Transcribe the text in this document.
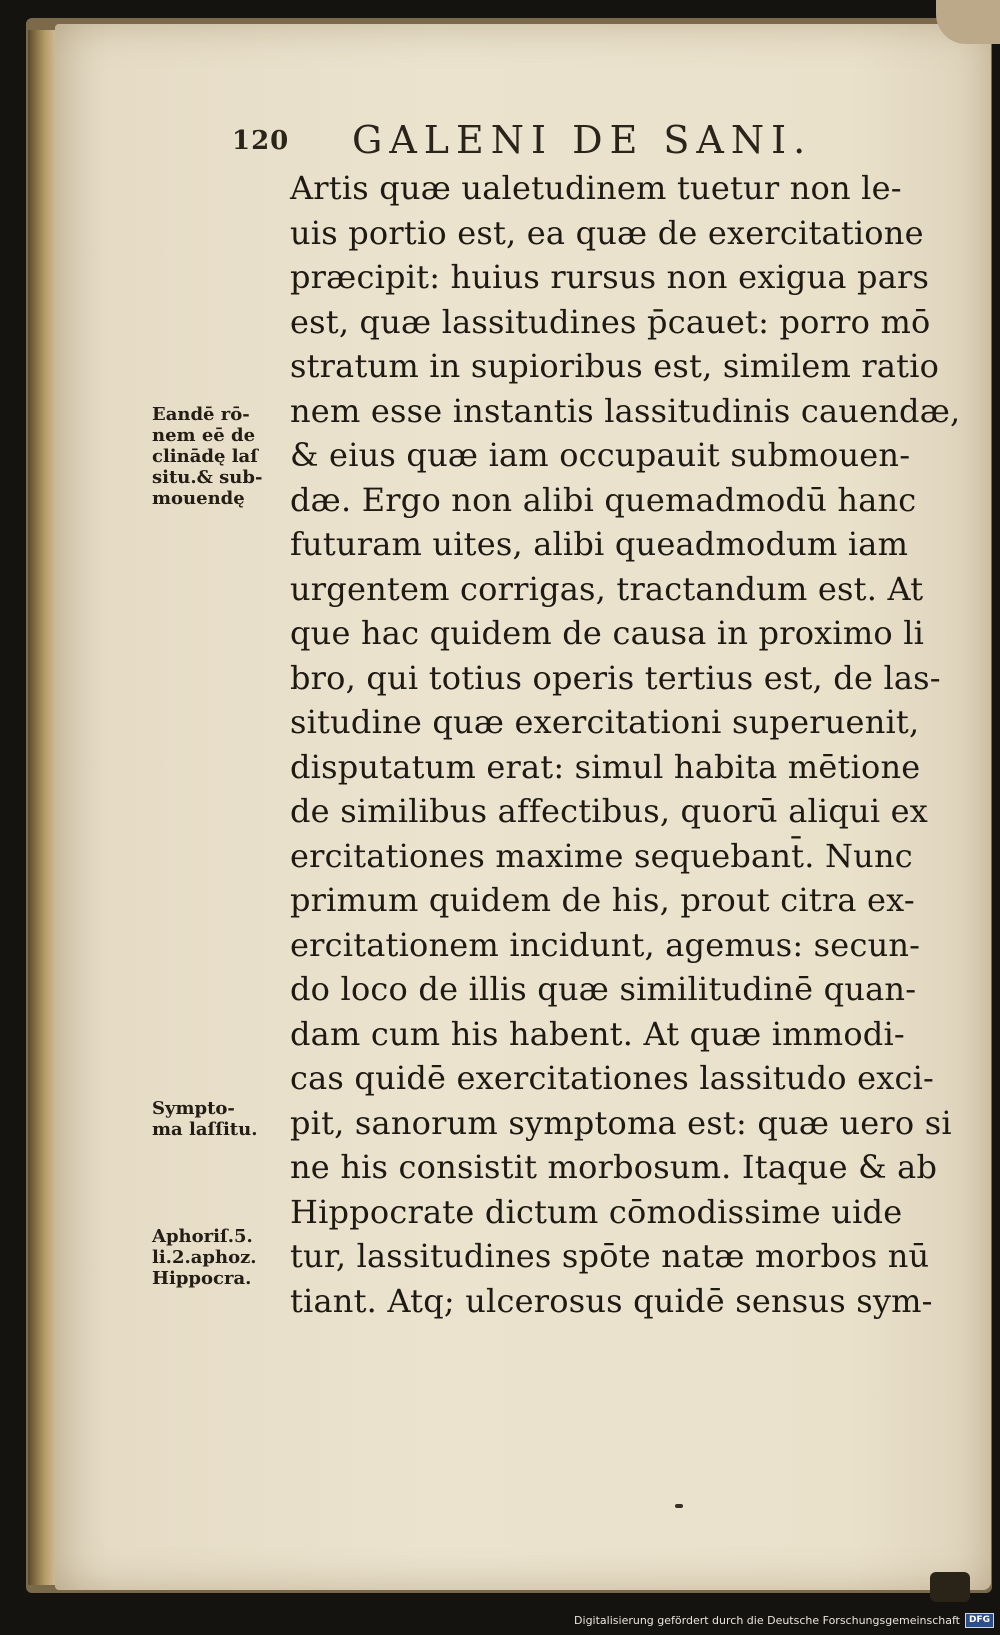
120 GALENI DE SANI.
Artis quæ ualetudinem tuetur non le-
uis portio est, ea quæ de exercitatione
præcipit: huius rursus non exigua pars
est, quæ lassitudines p̄cauet: porro mō
stratum in supioribus est, similem ratio
nem esse instantis lassitudinis cauendæ,
& eius quæ iam occupauit submouen-
dæ. Ergo non alibi quemadmodū hanc
futuram uites, alibi queadmodum iam
urgentem corrigas, tractandum est. At
que hac quidem de causa in proximo li
bro, qui totius operis tertius est, de las-
situdine quæ exercitationi superuenit,
disputatum erat: simul habita mētione
de similibus affectibus, quorū aliqui ex
ercitationes maxime sequebant̄. Nunc
primum quidem de his, prout citra ex-
ercitationem incidunt, agemus: secun-
do loco de illis quæ similitudinē quan-
dam cum his habent. At quæ immodi-
cas quidē exercitationes lassitudo exci-
pit, sanorum symptoma est: quæ uero si
ne his consistit morbosum. Itaque & ab
Hippocrate dictum cōmodissime uide
tur, lassitudines spōte natæ morbos nū
tiant. Atq; ulcerosus quidē sensus sym-
Eandē rō-
nem eē de
clinādę laſ
situ.& sub-
mouendę
Sympto-
ma laſſitu.
Aphoriſ.5.
li.2.aphoz.
Hippocra.
Digitalisierung gefördert durch die Deutsche Forschungsgemeinschaft	DFG
